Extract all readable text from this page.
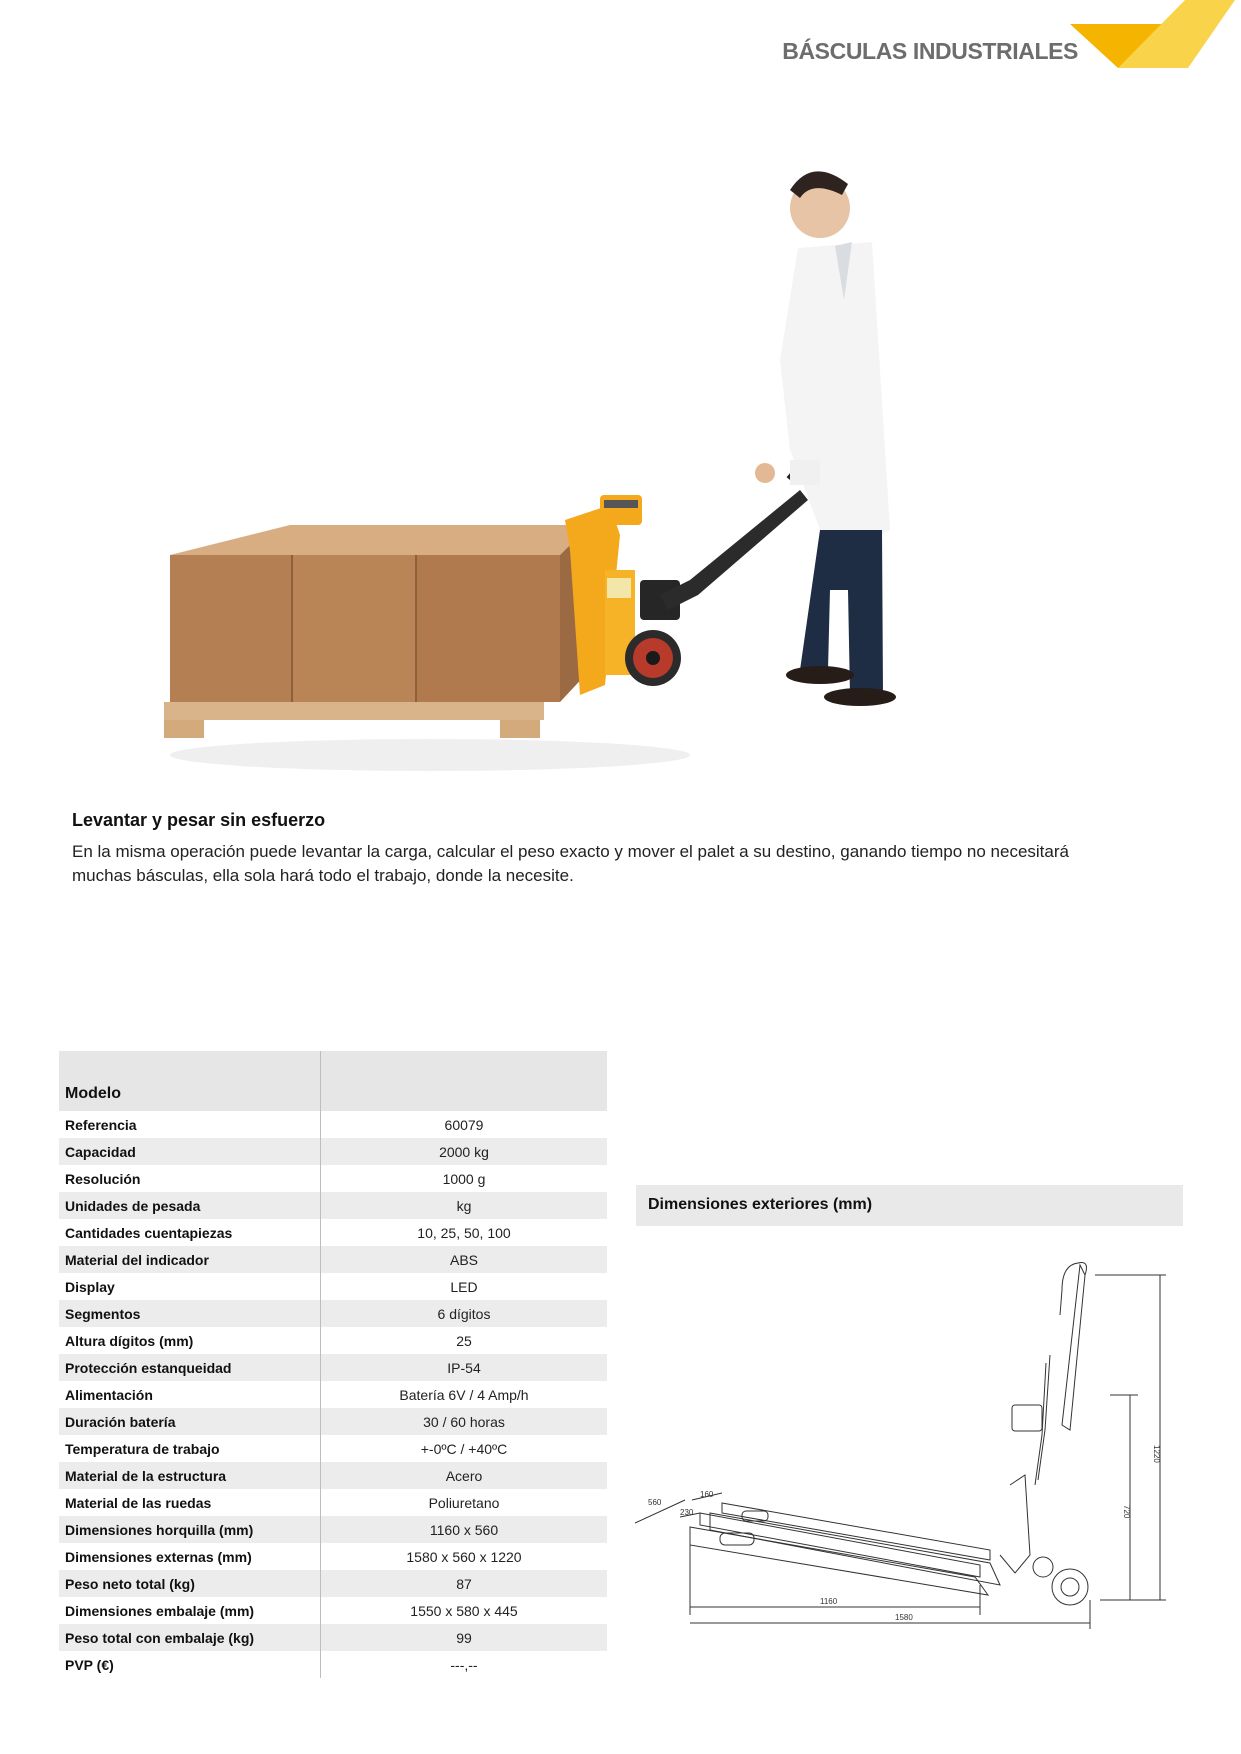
BÁSCULAS INDUSTRIALES
Levantar y pesar sin esfuerzo
En la misma operación puede levantar la carga, calcular el peso exacto y mover el palet a su destino, ganando tiempo no necesitará muchas básculas, ella sola hará todo el trabajo, donde la necesite.
Modelo	
Referencia	60079
Capacidad	2000 kg
Resolución	1000 g
Unidades de pesada	kg
Cantidades cuentapiezas	10, 25, 50, 100
Material del indicador	ABS
Display	LED
Segmentos	6 dígitos
Altura dígitos (mm)	25
Protección estanqueidad	IP-54
Alimentación	Batería 6V / 4 Amp/h
Duración batería	30 / 60 horas
Temperatura de trabajo	+-0ºC / +40ºC
Material de la estructura	Acero
Material de las ruedas	Poliuretano
Dimensiones horquilla (mm)	1160 x 560
Dimensiones externas (mm)	1580 x 560 x 1220
Peso neto total (kg)	87
Dimensiones embalaje (mm)	1550 x 580 x 445
Peso total con embalaje (kg)	99
PVP (€)	---,--
Dimensiones exteriores (mm)
560
160
230
1160
1580
1220
720
